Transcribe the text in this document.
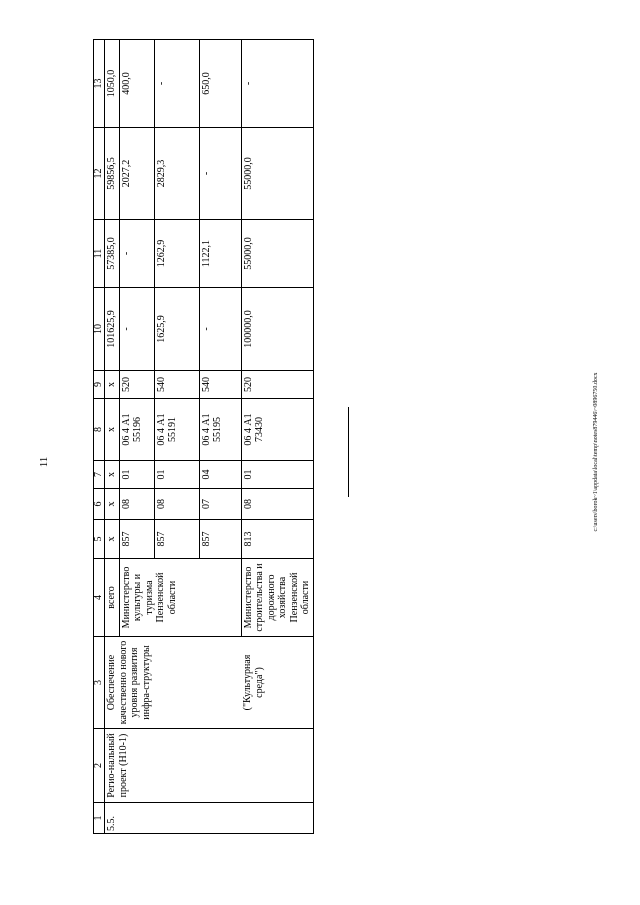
11	c:\users\borok~1\appdata\local\temp\notes879446\~0896750.docx
1	2	3	4	5	6	7	8	9	10	11	12	13
5.5.	Регио-нальный проект (Н10-1)	Обеспечение качественно нового уровня развития инфра-структуры	всего	х	х	х	х	х	101625,9	57385,0	59856,5	1050,0
			Министерство культуры и туризма Пензенской области	857	08	01	06 4 А1 55196	520	-	-	2027,2	400,0
				857	08	01	06 4 А1 55191	540	1625,9	1262,9	2829,3	-
				857	07	04	06 4 А1 55195	540	-	1122,1	-	650,0
		("Культурная среда")	Министерство строительства и дорожного хозяйства Пензенской области	813	08	01	06 4 А1 73430	520	100000,0	55000,0	55000,0	-
